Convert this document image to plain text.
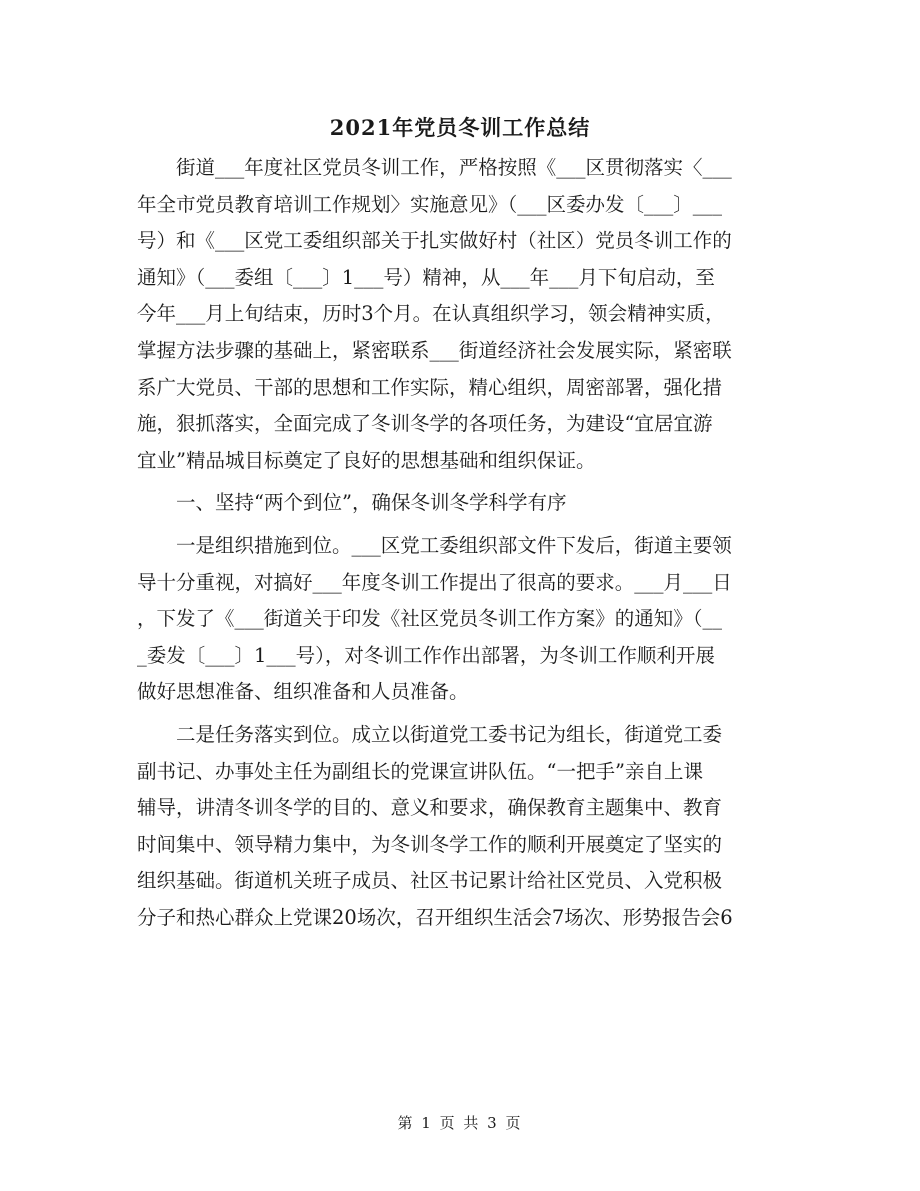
2021年党员冬训工作总结
街道___年度社区党员冬训工作，严格按照《___区贯彻落实〈___
年全市党员教育培训工作规划〉实施意见》（___区委办发〔___〕___
号）和《___区党工委组织部关于扎实做好村（社区）党员冬训工作的
通知》（___委组〔___〕1___号）精神，从___年___月下旬启动，至
今年___月上旬结束，历时3个月。在认真组织学习，领会精神实质，
掌握方法步骤的基础上，紧密联系___街道经济社会发展实际，紧密联
系广大党员、干部的思想和工作实际，精心组织，周密部署，强化措
施，狠抓落实，全面完成了冬训冬学的各项任务，为建设“宜居宜游
宜业”精品城目标奠定了良好的思想基础和组织保证。
一、坚持“两个到位”，确保冬训冬学科学有序
一是组织措施到位。___区党工委组织部文件下发后，街道主要领
导十分重视，对搞好___年度冬训工作提出了很高的要求。___月___日
，下发了《___街道关于印发《社区党员冬训工作方案》的通知》（__
_委发〔___〕1___号），对冬训工作作出部署，为冬训工作顺利开展
做好思想准备、组织准备和人员准备。
二是任务落实到位。成立以街道党工委书记为组长，街道党工委
副书记、办事处主任为副组长的党课宣讲队伍。“一把手”亲自上课
辅导，讲清冬训冬学的目的、意义和要求，确保教育主题集中、教育
时间集中、领导精力集中，为冬训冬学工作的顺利开展奠定了坚实的
组织基础。街道机关班子成员、社区书记累计给社区党员、入党积极
分子和热心群众上党课20场次，召开组织生活会7场次、形势报告会6
第 1 页 共 3 页
